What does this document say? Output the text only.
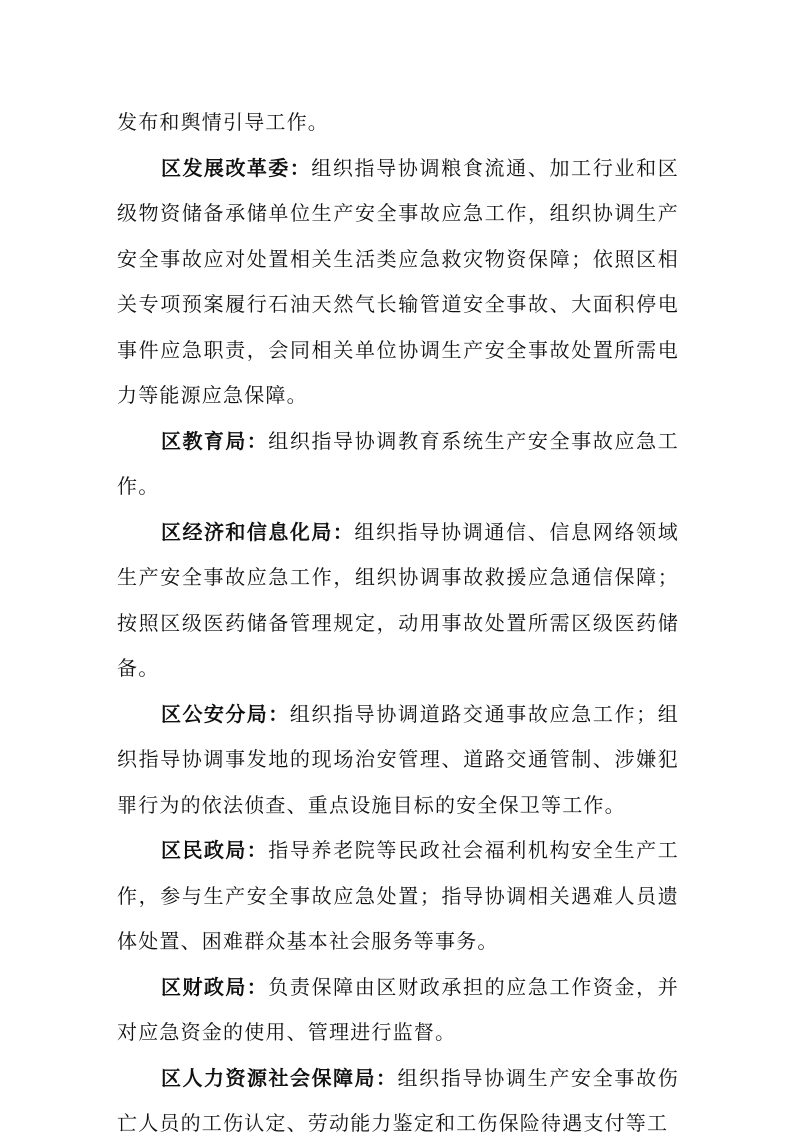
发布和舆情引导工作。

区发展改革委：组织指导协调粮食流通、加工行业和区级物资储备承储单位生产安全事故应急工作，组织协调生产安全事故应对处置相关生活类应急救灾物资保障；依照区相关专项预案履行石油天然气长输管道安全事故、大面积停电事件应急职责，会同相关单位协调生产安全事故处置所需电力等能源应急保障。

区教育局：组织指导协调教育系统生产安全事故应急工作。

区经济和信息化局：组织指导协调通信、信息网络领域生产安全事故应急工作，组织协调事故救援应急通信保障；按照区级医药储备管理规定，动用事故处置所需区级医药储备。

区公安分局：组织指导协调道路交通事故应急工作；组织指导协调事发地的现场治安管理、道路交通管制、涉嫌犯罪行为的依法侦查、重点设施目标的安全保卫等工作。

区民政局：指导养老院等民政社会福利机构安全生产工作，参与生产安全事故应急处置；指导协调相关遇难人员遗体处置、困难群众基本社会服务等事务。

区财政局：负责保障由区财政承担的应急工作资金，并对应急资金的使用、管理进行监督。

区人力资源社会保障局：组织指导协调生产安全事故伤亡人员的工伤认定、劳动能力鉴定和工伤保险待遇支付等工
